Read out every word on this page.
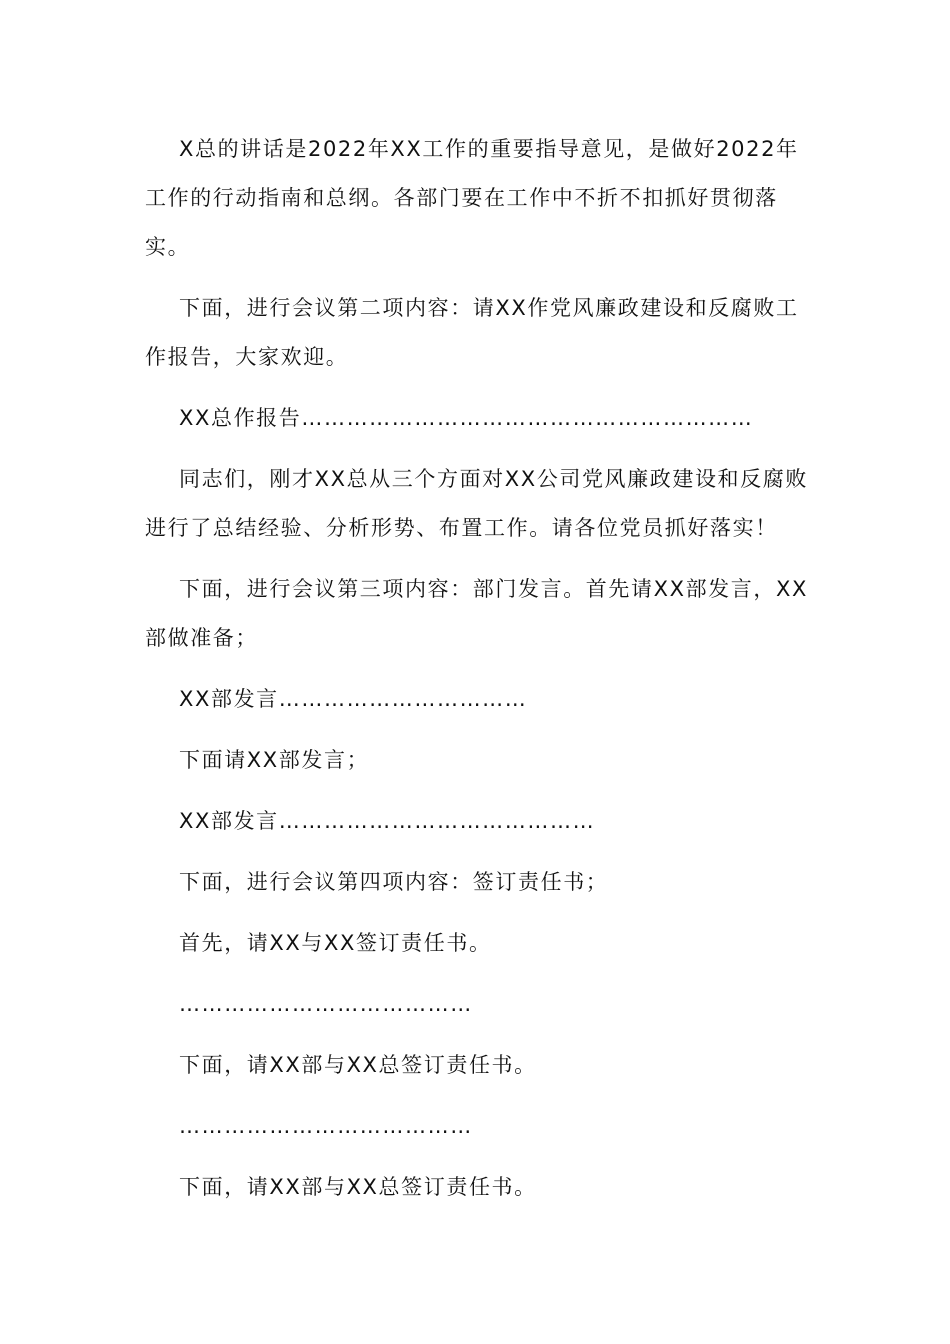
X总的讲话是2022年XX工作的重要指导意见，是做好2022年工作的行动指南和总纲。各部门要在工作中不折不扣抓好贯彻落实。

下面，进行会议第二项内容：请XX作党风廉政建设和反腐败工作报告，大家欢迎。

XX总作报告……………………………………………………

同志们，刚才XX总从三个方面对XX公司党风廉政建设和反腐败进行了总结经验、分析形势、布置工作。请各位党员抓好落实！

下面，进行会议第三项内容：部门发言。首先请XX部发言，XX部做准备；

XX部发言……………………………

下面请XX部发言；

XX部发言……………………………………

下面，进行会议第四项内容：签订责任书；

首先，请XX与XX签订责任书。

…………………………………

下面，请XX部与XX总签订责任书。

…………………………………

下面，请XX部与XX总签订责任书。
